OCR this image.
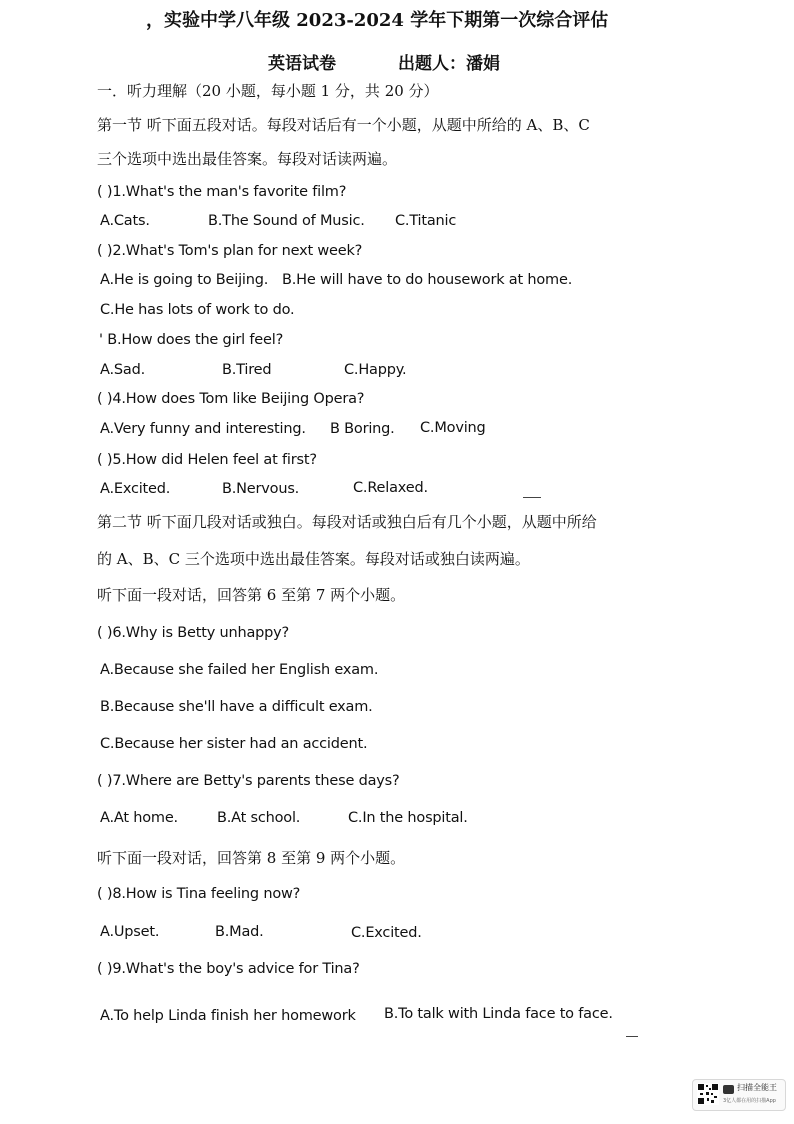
，实验中学八年级 2023-2024 学年下期第一次综合评估
英语试卷	出题人：潘娟
一．听力理解（20 小题，每小题 1 分，共 20 分）
第一节 听下面五段对话。每段对话后有一个小题，从题中所给的 A、B、C
三个选项中选出最佳答案。每段对话读两遍。
( )1.What's the man's favorite film?
A.Cats.	B.The Sound of Music. C.Titanic
( )2.What's Tom's plan for next week?
A.He is going to Beijing. B.He will have to do housework at home.
C.He has lots of work to do.
' B.How does the girl feel?
A.Sad.	B.Tired	C.Happy.
( )4.How does Tom like Beijing Opera?
A.Very funny and interesting. B Boring. C.Moving
( )5.How did Helen feel at first?
A.Excited.	B.Nervous.	C.Relaxed.
第二节 听下面几段对话或独白。每段对话或独白后有几个小题，从题中所给
的 A、B、C 三个选项中选出最佳答案。每段对话或独白读两遍。
听下面一段对话，回答第 6 至第 7 两个小题。
( )6.Why is Betty unhappy?
A.Because she failed her English exam.
B.Because she'll have a difficult exam.
C.Because her sister had an accident.
( )7.Where are Betty's parents these days?
A.At home.	B.At school.	C.In the hospital.
听下面一段对话，回答第 8 至第 9 两个小题。
( )8.How is Tina feeling now?
A.Upset.	B.Mad.	C.Excited.
( )9.What's the boy's advice for Tina?
A.To help Linda finish her homework B.To talk with Linda face to face.
扫描全能王
3亿人都在用的扫描App
